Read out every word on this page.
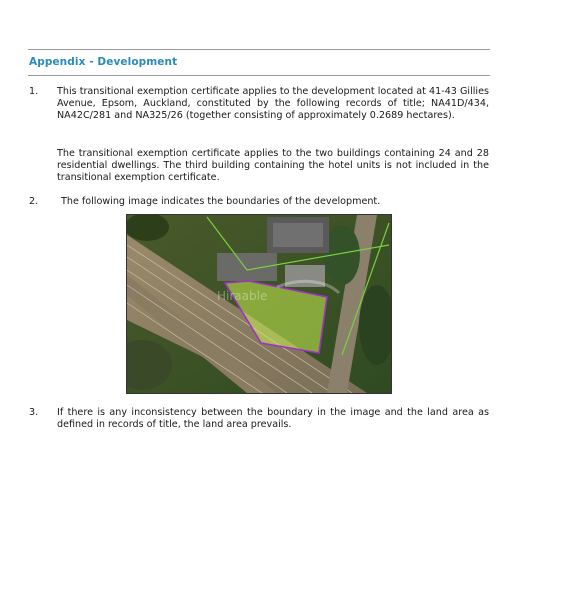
Appendix - Development
1. This transitional exemption certificate applies to the development located at 41-43 Gillies Avenue, Epsom, Auckland, constituted by the following records of title; NA41D/434, NA42C/281 and NA325/26 (together consisting of approximately 0.2689 hectares).
The transitional exemption certificate applies to the two buildings containing 24 and 28 residential dwellings. The third building containing the hotel units is not included in the transitional exemption certificate.
2. The following image indicates the boundaries of the development.
Hiraable
3. If there is any inconsistency between the boundary in the image and the land area as defined in records of title, the land area prevails.
